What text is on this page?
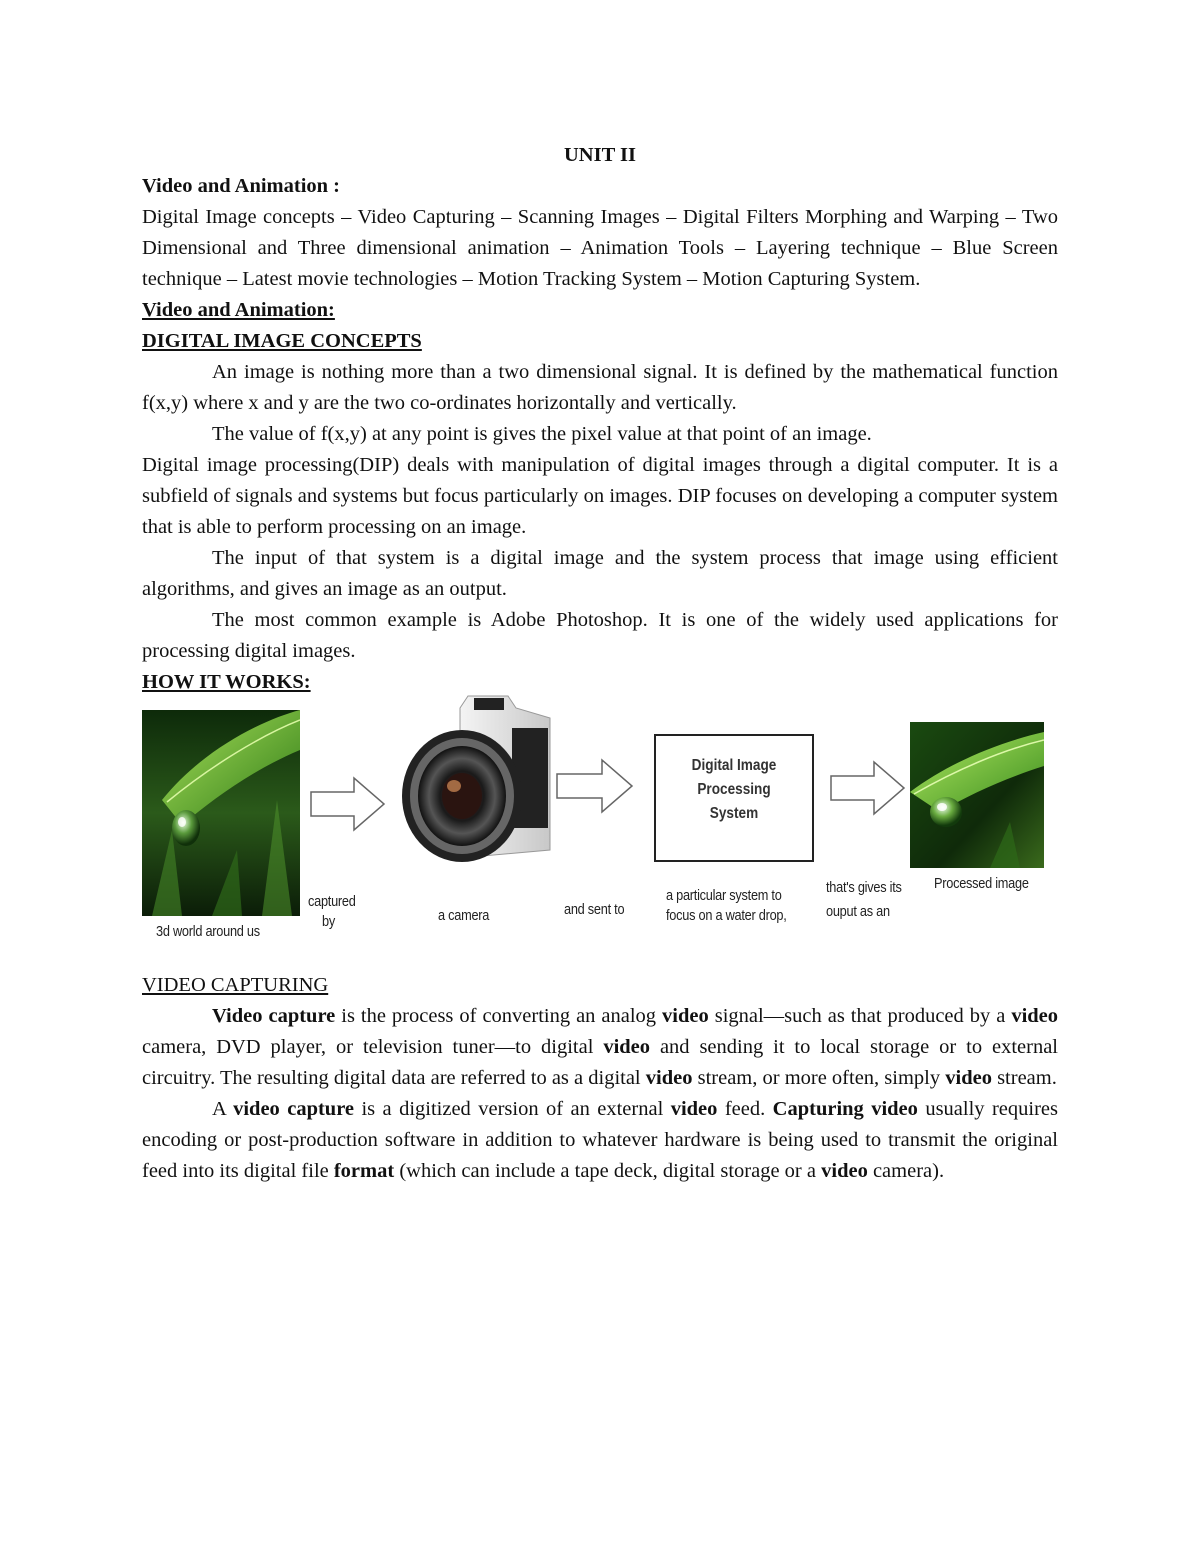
UNIT II

Video and Animation :

Digital Image concepts – Video Capturing – Scanning Images – Digital Filters Morphing and Warping – Two Dimensional and Three dimensional animation – Animation Tools – Layering technique – Blue Screen technique – Latest movie technologies – Motion Tracking System – Motion Capturing System.

Video and Animation:

DIGITAL IMAGE CONCEPTS

An image is nothing more than a two dimensional signal. It is defined by the mathematical function f(x,y) where x and y are the two co-ordinates horizontally and vertically.

The value of f(x,y) at any point is gives the pixel value at that point of an image.

Digital image processing(DIP) deals with manipulation of digital images through a digital computer. It is a subfield of signals and systems but focus particularly on images. DIP focuses on developing a computer system that is able to perform processing on an image.

The input of that system is a digital image and the system process that image using efficient algorithms, and gives an image as an output.

The most common example is Adobe Photoshop. It is one of the widely used applications for processing digital images.

HOW IT WORKS:

3d world around us
captured
by	a camera	and sent to
Digital Image Processing
System
a particular system to
focus on a water drop,
that's gives its
ouput as an
Processed image

VIDEO CAPTURING

Video capture is the process of converting an analog video signal—such as that produced by a video camera, DVD player, or television tuner—to digital video and sending it to local storage or to external circuitry. The resulting digital data are referred to as a digital video stream, or more often, simply video stream.

A video capture is a digitized version of an external video feed. Capturing video usually requires encoding or post-production software in addition to whatever hardware is being used to transmit the original feed into its digital file format (which can include a tape deck, digital storage or a video camera).
